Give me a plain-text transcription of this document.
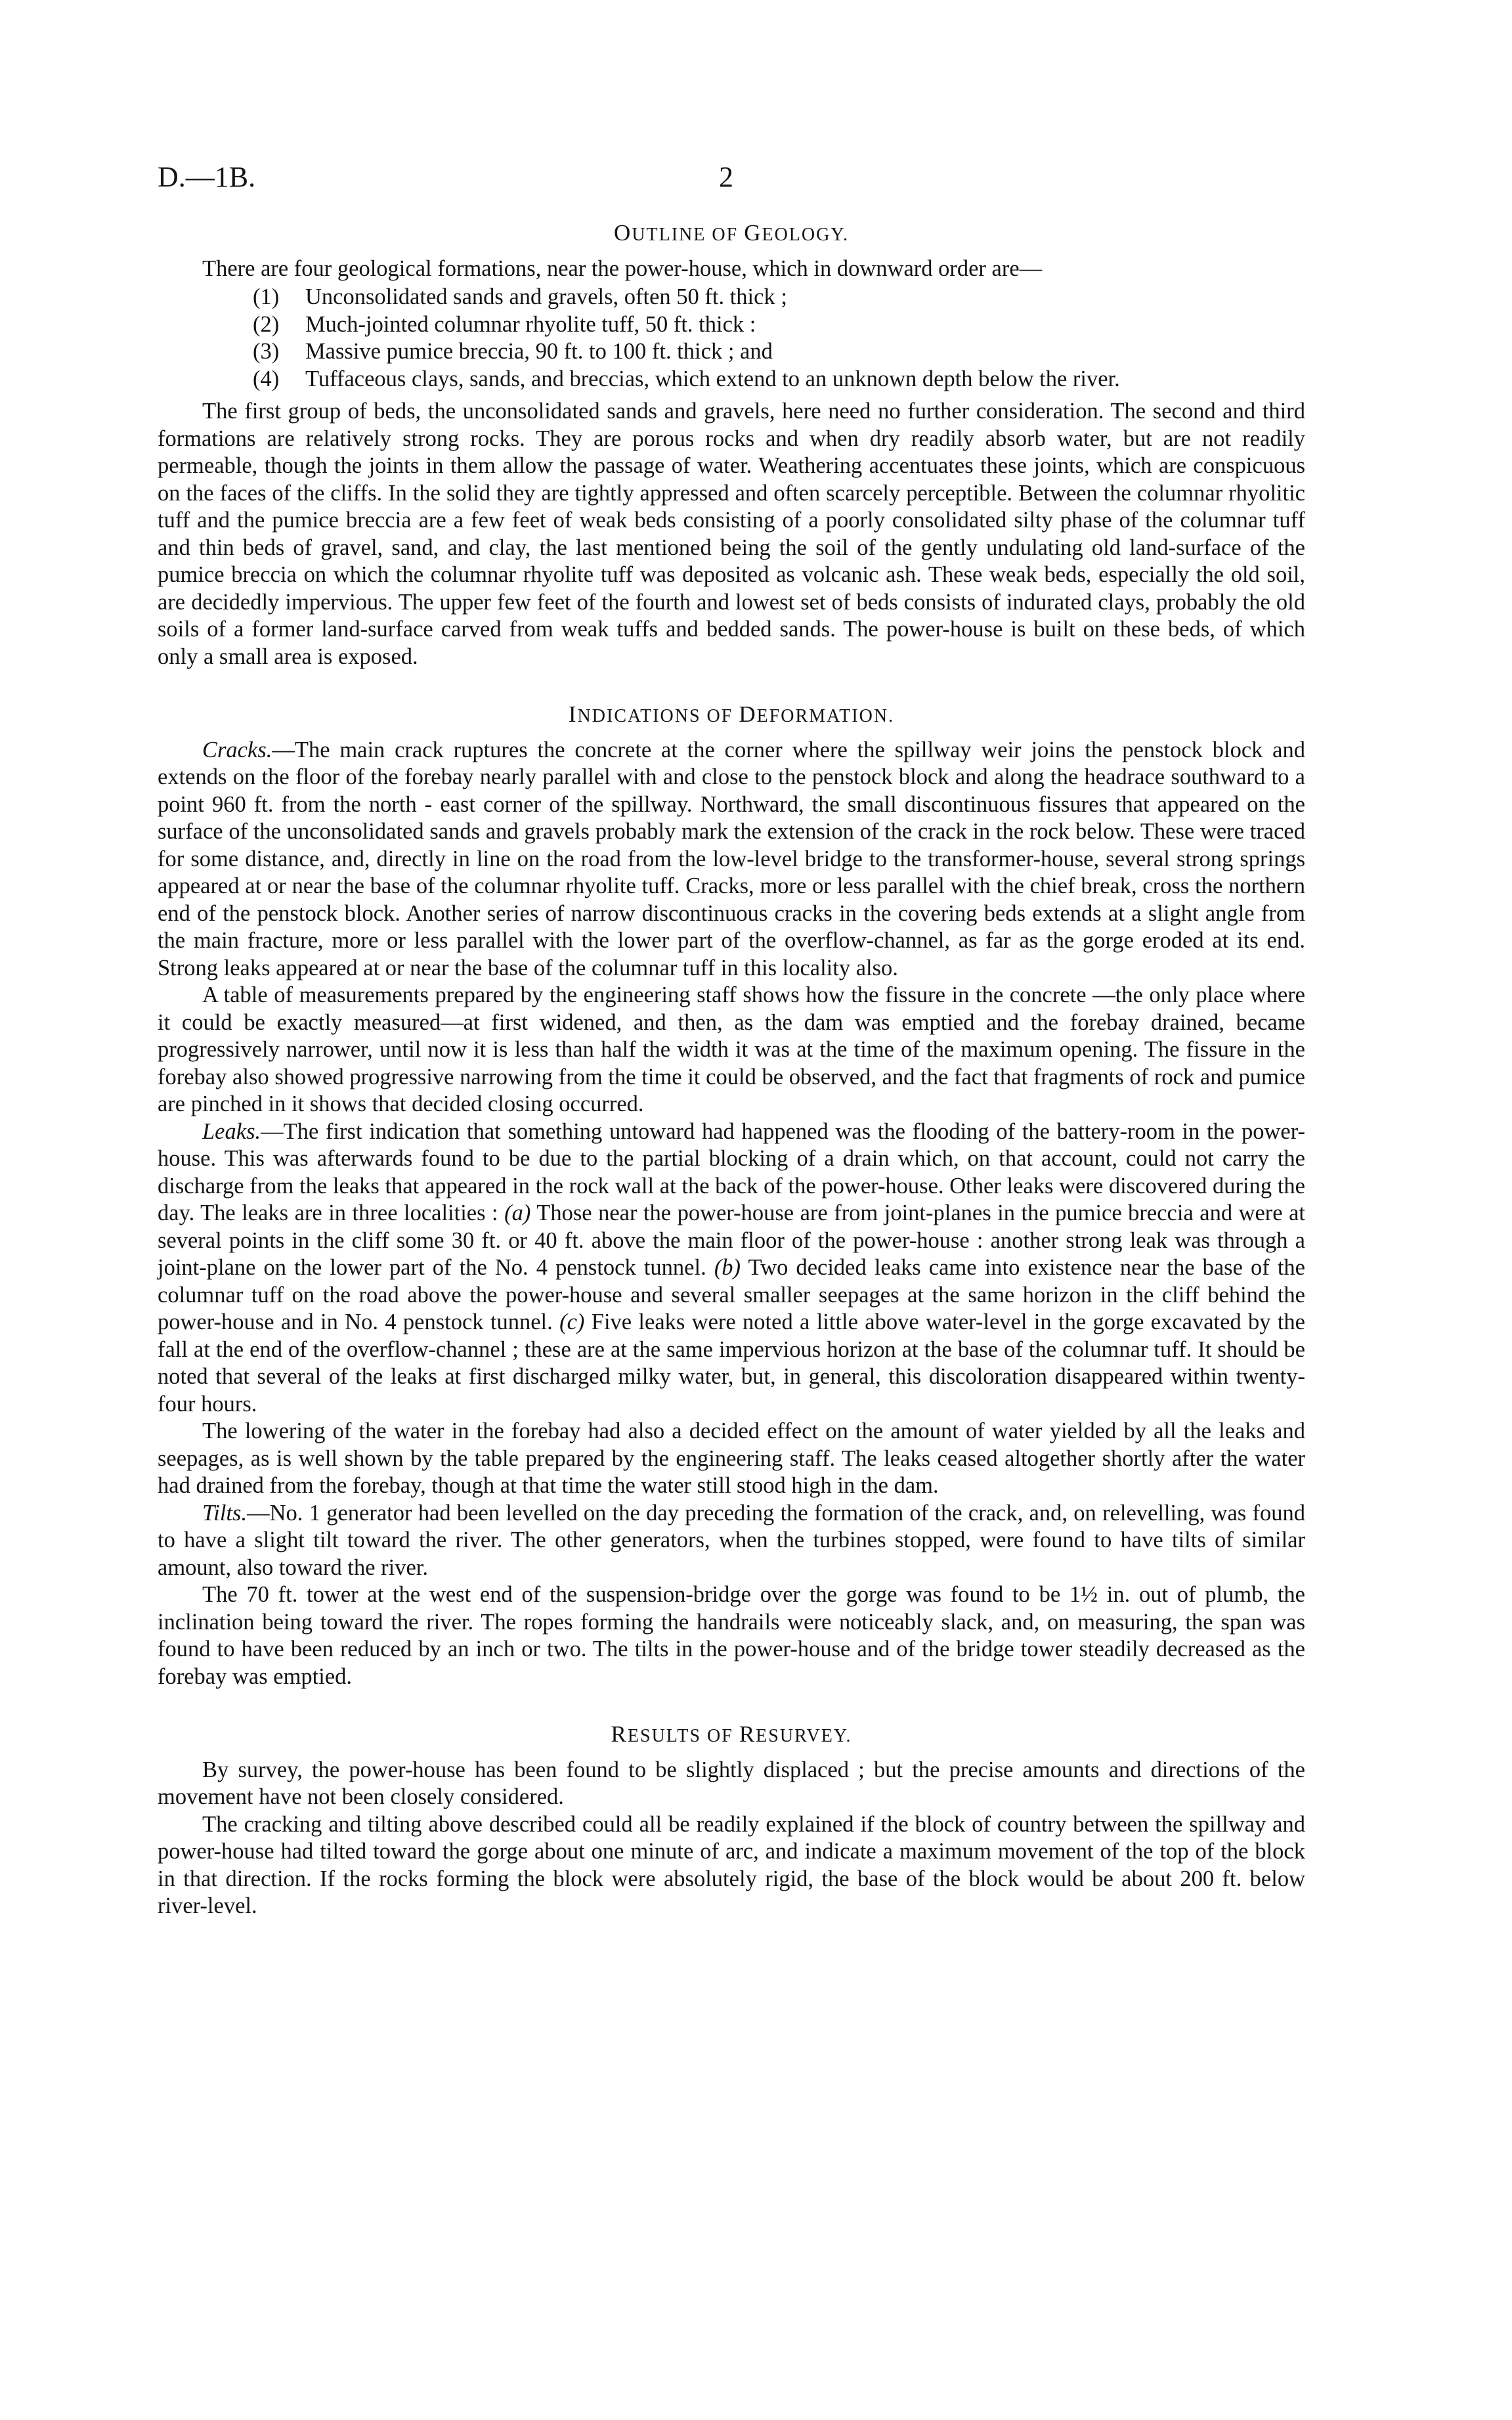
D.—1B.	2
OUTLINE OF GEOLOGY.

There are four geological formations, near the power-house, which in downward order are—

(1)	Unconsolidated sands and gravels, often 50 ft. thick ;
(2)	Much-jointed columnar rhyolite tuff, 50 ft. thick :
(3)	Massive pumice breccia, 90 ft. to 100 ft. thick ; and
(4)	Tuffaceous clays, sands, and breccias, which extend to an unknown depth below the river.

The first group of beds, the unconsolidated sands and gravels, here need no further consideration. The second and third formations are relatively strong rocks. They are porous rocks and when dry readily absorb water, but are not readily permeable, though the joints in them allow the passage of water. Weathering accentuates these joints, which are conspicuous on the faces of the cliffs. In the solid they are tightly appressed and often scarcely perceptible. Between the columnar rhyolitic tuff and the pumice breccia are a few feet of weak beds consisting of a poorly consolidated silty phase of the columnar tuff and thin beds of gravel, sand, and clay, the last mentioned being the soil of the gently undulating old land-surface of the pumice breccia on which the columnar rhyolite tuff was deposited as volcanic ash. These weak beds, especially the old soil, are decidedly impervious. The upper few feet of the fourth and lowest set of beds consists of indurated clays, probably the old soils of a former land-surface carved from weak tuffs and bedded sands. The power-house is built on these beds, of which only a small area is exposed.

INDICATIONS OF DEFORMATION.

Cracks.—The main crack ruptures the concrete at the corner where the spillway weir joins the penstock block and extends on the floor of the forebay nearly parallel with and close to the penstock block and along the headrace southward to a point 960 ft. from the north - east corner of the spillway. Northward, the small discontinuous fissures that appeared on the surface of the unconsolidated sands and gravels probably mark the extension of the crack in the rock below. These were traced for some distance, and, directly in line on the road from the low-level bridge to the transformer-house, several strong springs appeared at or near the base of the columnar rhyolite tuff. Cracks, more or less parallel with the chief break, cross the northern end of the penstock block. Another series of narrow discontinuous cracks in the covering beds extends at a slight angle from the main fracture, more or less parallel with the lower part of the overflow-channel, as far as the gorge eroded at its end. Strong leaks appeared at or near the base of the columnar tuff in this locality also.

A table of measurements prepared by the engineering staff shows how the fissure in the concrete —the only place where it could be exactly measured—at first widened, and then, as the dam was emptied and the forebay drained, became progressively narrower, until now it is less than half the width it was at the time of the maximum opening. The fissure in the forebay also showed progressive narrowing from the time it could be observed, and the fact that fragments of rock and pumice are pinched in it shows that decided closing occurred.

Leaks.—The first indication that something untoward had happened was the flooding of the battery-room in the power-house. This was afterwards found to be due to the partial blocking of a drain which, on that account, could not carry the discharge from the leaks that appeared in the rock wall at the back of the power-house. Other leaks were discovered during the day. The leaks are in three localities : (a) Those near the power-house are from joint-planes in the pumice breccia and were at several points in the cliff some 30 ft. or 40 ft. above the main floor of the power-house : another strong leak was through a joint-plane on the lower part of the No. 4 penstock tunnel. (b) Two decided leaks came into existence near the base of the columnar tuff on the road above the power-house and several smaller seepages at the same horizon in the cliff behind the power-house and in No. 4 penstock tunnel. (c) Five leaks were noted a little above water-level in the gorge excavated by the fall at the end of the overflow-channel ; these are at the same impervious horizon at the base of the columnar tuff. It should be noted that several of the leaks at first discharged milky water, but, in general, this discoloration disappeared within twenty-four hours.

The lowering of the water in the forebay had also a decided effect on the amount of water yielded by all the leaks and seepages, as is well shown by the table prepared by the engineering staff. The leaks ceased altogether shortly after the water had drained from the forebay, though at that time the water still stood high in the dam.

Tilts.—No. 1 generator had been levelled on the day preceding the formation of the crack, and, on relevelling, was found to have a slight tilt toward the river. The other generators, when the turbines stopped, were found to have tilts of similar amount, also toward the river.

The 70 ft. tower at the west end of the suspension-bridge over the gorge was found to be 1½ in. out of plumb, the inclination being toward the river. The ropes forming the handrails were noticeably slack, and, on measuring, the span was found to have been reduced by an inch or two. The tilts in the power-house and of the bridge tower steadily decreased as the forebay was emptied.

RESULTS OF RESURVEY.

By survey, the power-house has been found to be slightly displaced ; but the precise amounts and directions of the movement have not been closely considered.

The cracking and tilting above described could all be readily explained if the block of country between the spillway and power-house had tilted toward the gorge about one minute of arc, and indicate a maximum movement of the top of the block in that direction. If the rocks forming the block were absolutely rigid, the base of the block would be about 200 ft. below river-level.
